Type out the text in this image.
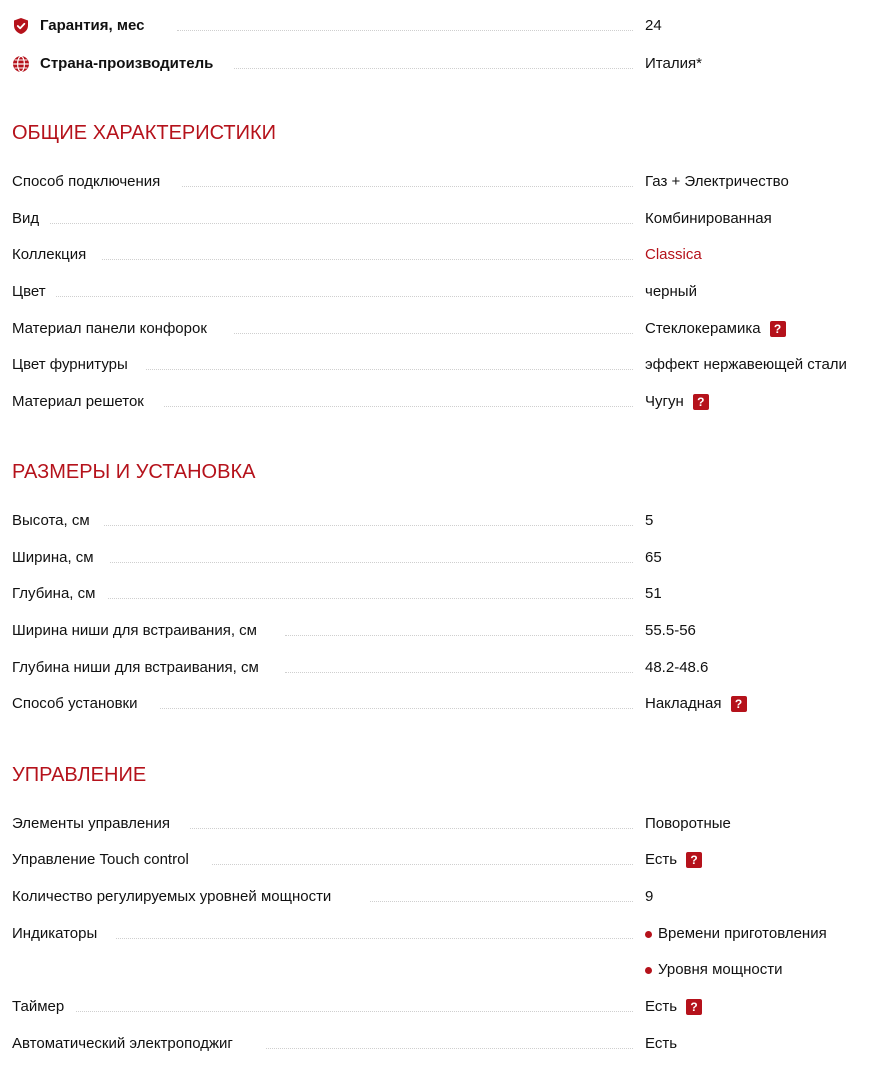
Гарантия, мес	24
Страна-производитель	Италия*
ОБЩИЕ ХАРАКТЕРИСТИКИ
Способ подключения	Газ + Электричество
Вид	Комбинированная
Коллекция	Classica
Цвет	черный
Материал панели конфорок	Стеклокерамика	?
Цвет фурнитуры	эффект нержавеющей стали
Материал решеток	Чугун	?
РАЗМЕРЫ И УСТАНОВКА
Высота, см	5
Ширина, см	65
Глубина, см	51
Ширина ниши для встраивания, см	55.5-56
Глубина ниши для встраивания, см	48.2-48.6
Способ установки	Накладная	?
УПРАВЛЕНИЕ
Элементы управления	Поворотные
Управление Touch control	Есть	?
Количество регулируемых уровней мощности	9
Индикаторы	Времени приготовления
Уровня мощности
Таймер	Есть	?
Автоматический электроподжиг	Есть
